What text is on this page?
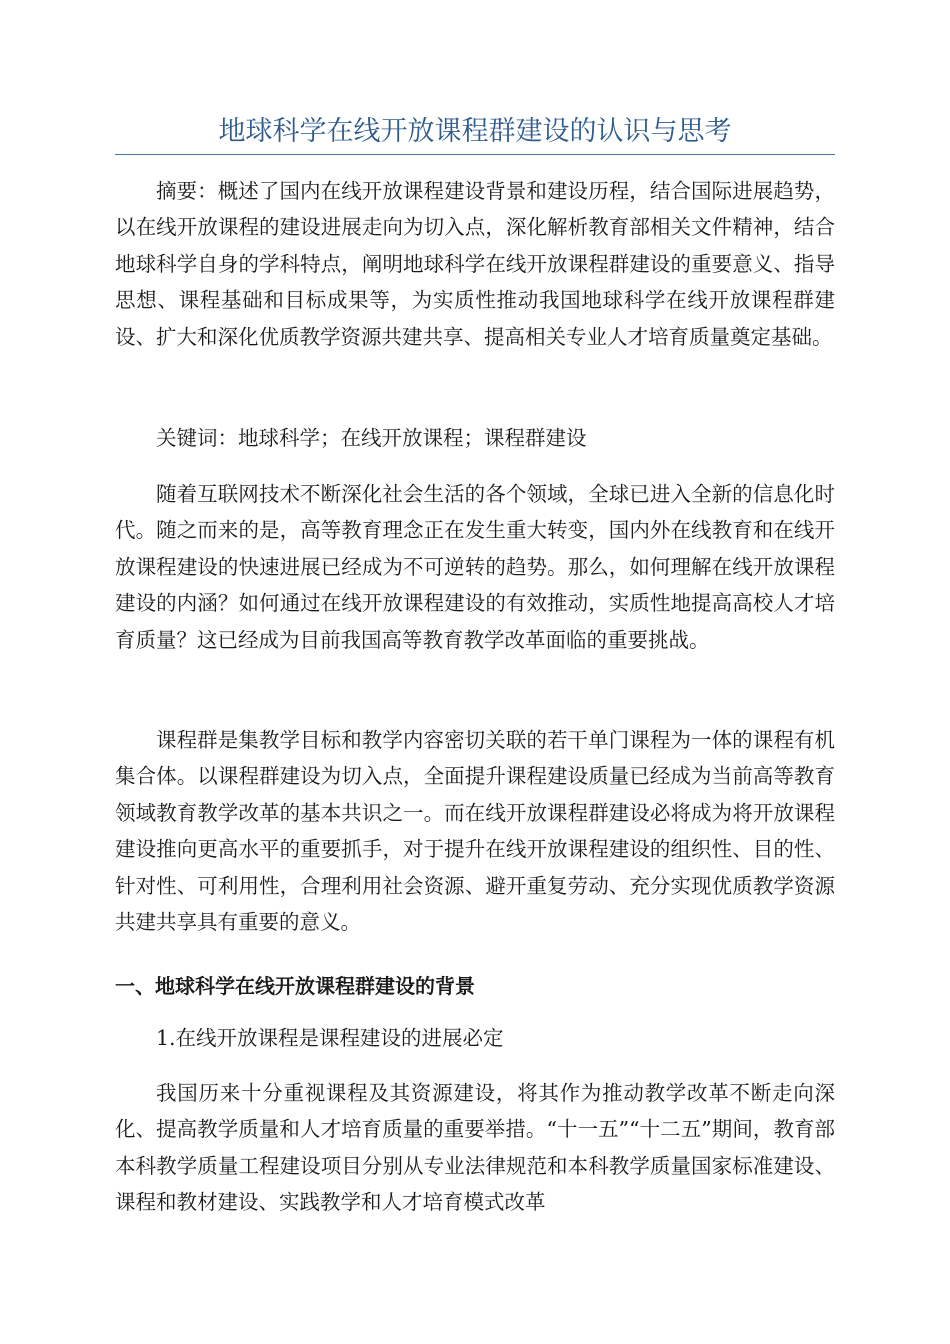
地球科学在线开放课程群建设的认识与思考

摘要：概述了国内在线开放课程建设背景和建设历程，结合国际进展趋势，以在线开放课程的建设进展走向为切入点，深化解析教育部相关文件精神，结合地球科学自身的学科特点，阐明地球科学在线开放课程群建设的重要意义、指导思想、课程基础和目标成果等，为实质性推动我国地球科学在线开放课程群建设、扩大和深化优质教学资源共建共享、提高相关专业人才培育质量奠定基础。

关键词：地球科学；在线开放课程；课程群建设

随着互联网技术不断深化社会生活的各个领域，全球已进入全新的信息化时代。随之而来的是，高等教育理念正在发生重大转变，国内外在线教育和在线开放课程建设的快速进展已经成为不可逆转的趋势。那么，如何理解在线开放课程建设的内涵？如何通过在线开放课程建设的有效推动，实质性地提高高校人才培育质量？这已经成为目前我国高等教育教学改革面临的重要挑战。

课程群是集教学目标和教学内容密切关联的若干单门课程为一体的课程有机集合体。以课程群建设为切入点，全面提升课程建设质量已经成为当前高等教育领域教育教学改革的基本共识之一。而在线开放课程群建设必将成为将开放课程建设推向更高水平的重要抓手，对于提升在线开放课程建设的组织性、目的性、针对性、可利用性，合理利用社会资源、避开重复劳动、充分实现优质教学资源共建共享具有重要的意义。

一、地球科学在线开放课程群建设的背景

1.在线开放课程是课程建设的进展必定

我国历来十分重视课程及其资源建设，将其作为推动教学改革不断走向深化、提高教学质量和人才培育质量的重要举措。“十一五”“十二五”期间，教育部本科教学质量工程建设项目分别从专业法律规范和本科教学质量国家标准建设、课程和教材建设、实践教学和人才培育模式改革
